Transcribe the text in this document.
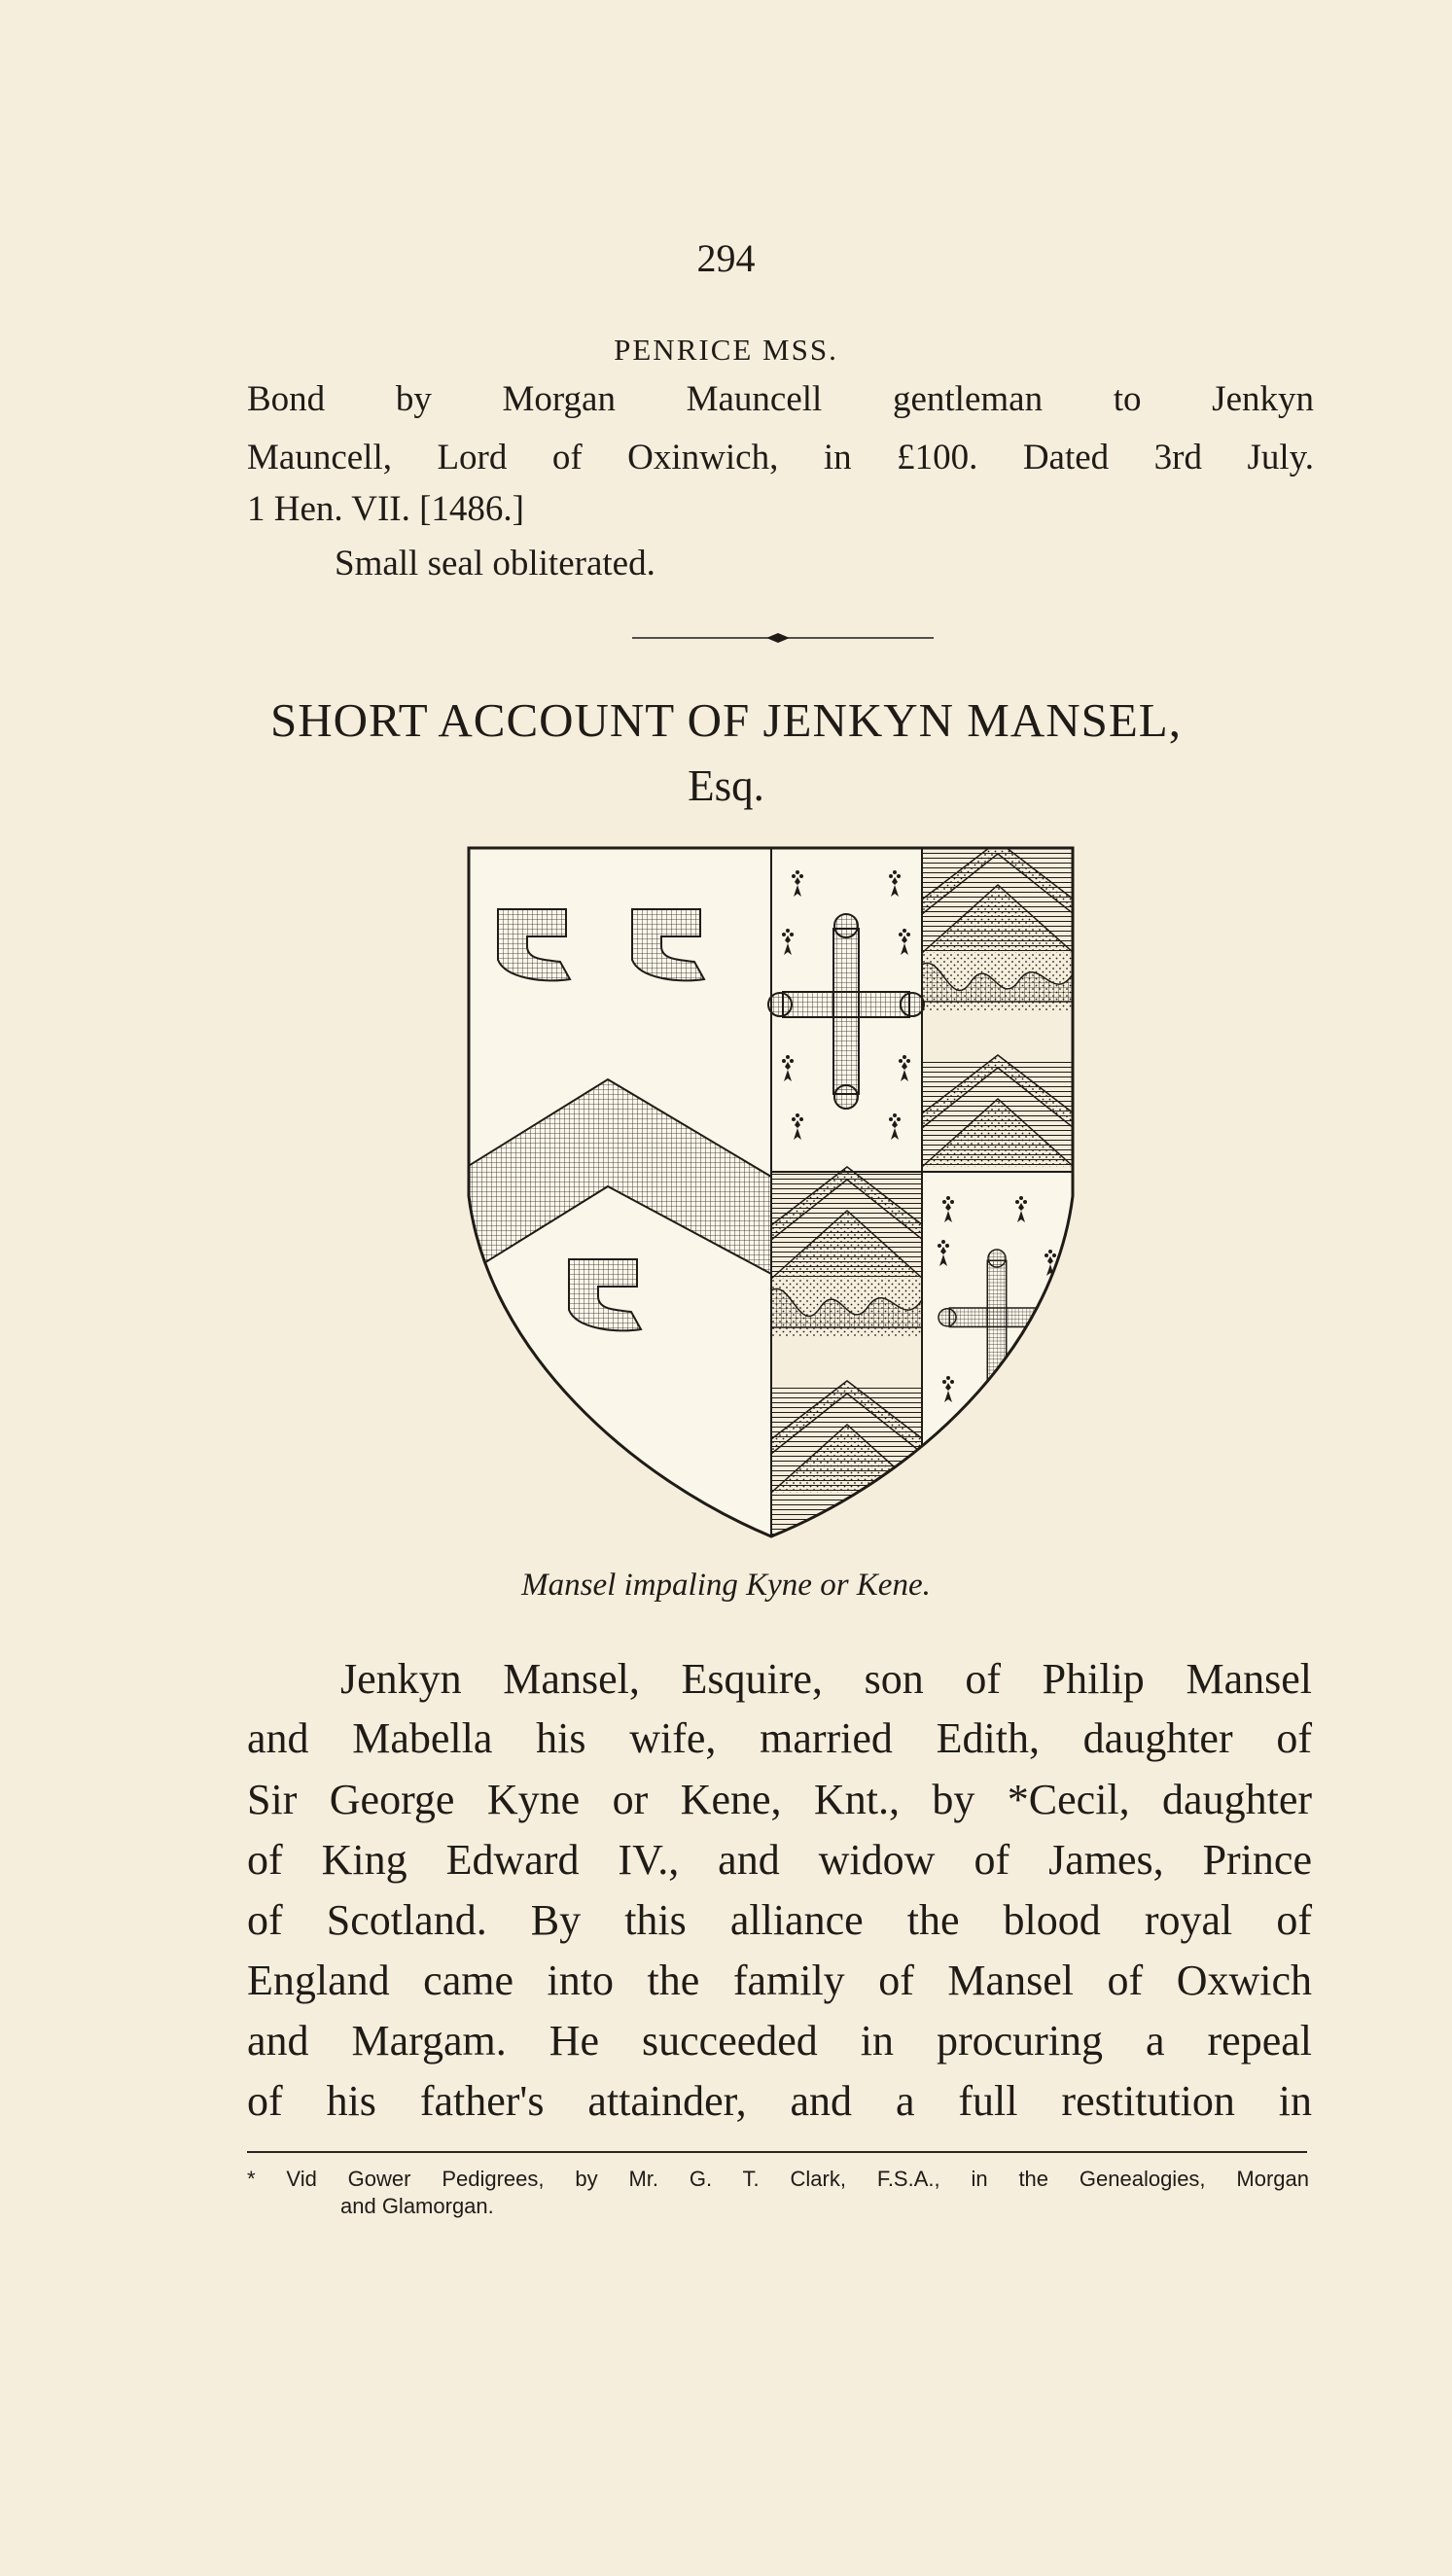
294

PENRICE MSS.

Bond by Morgan Mauncell gentleman to Jenkyn

Mauncell, Lord of Oxinwich, in £100. Dated 3rd July.

1 Hen. VII. [1486.]

Small seal obliterated.

SHORT ACCOUNT OF JENKYN MANSEL,

Esq.

Mansel impaling Kyne or Kene.

Jenkyn Mansel, Esquire, son of Philip Mansel

and Mabella his wife, married Edith, daughter of

Sir George Kyne or Kene, Knt., by *Cecil, daughter

of King Edward IV., and widow of James, Prince

of Scotland. By this alliance the blood royal of

England came into the family of Mansel of Oxwich

and Margam. He succeeded in procuring a repeal

of his father's attainder, and a full restitution in

* Vid Gower Pedigrees, by Mr. G. T. Clark, F.S.A., in the Genealogies, Morgan

and Glamorgan.
